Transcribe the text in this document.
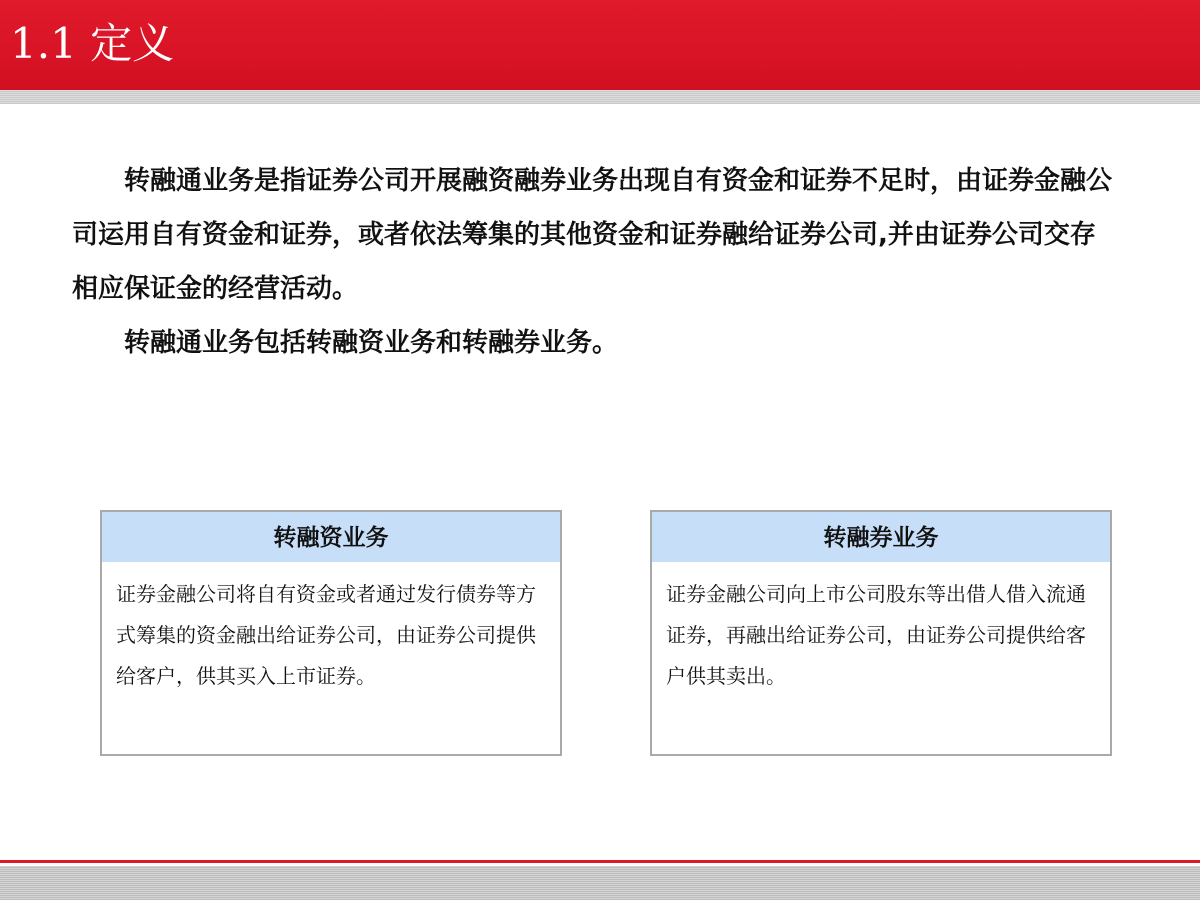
1.1 定义

转融通业务是指证券公司开展融资融券业务出现自有资金和证券不足时，由证券金融公司运用自有资金和证券，或者依法筹集的其他资金和证券融给证券公司,并由证券公司交存相应保证金的经营活动。

转融通业务包括转融资业务和转融券业务。

转融资业务
证券金融公司将自有资金或者通过发行债券等方式筹集的资金融出给证券公司，由证券公司提供给客户，供其买入上市证券。
转融券业务
证券金融公司向上市公司股东等出借人借入流通证券，再融出给证券公司，由证券公司提供给客户供其卖出。
